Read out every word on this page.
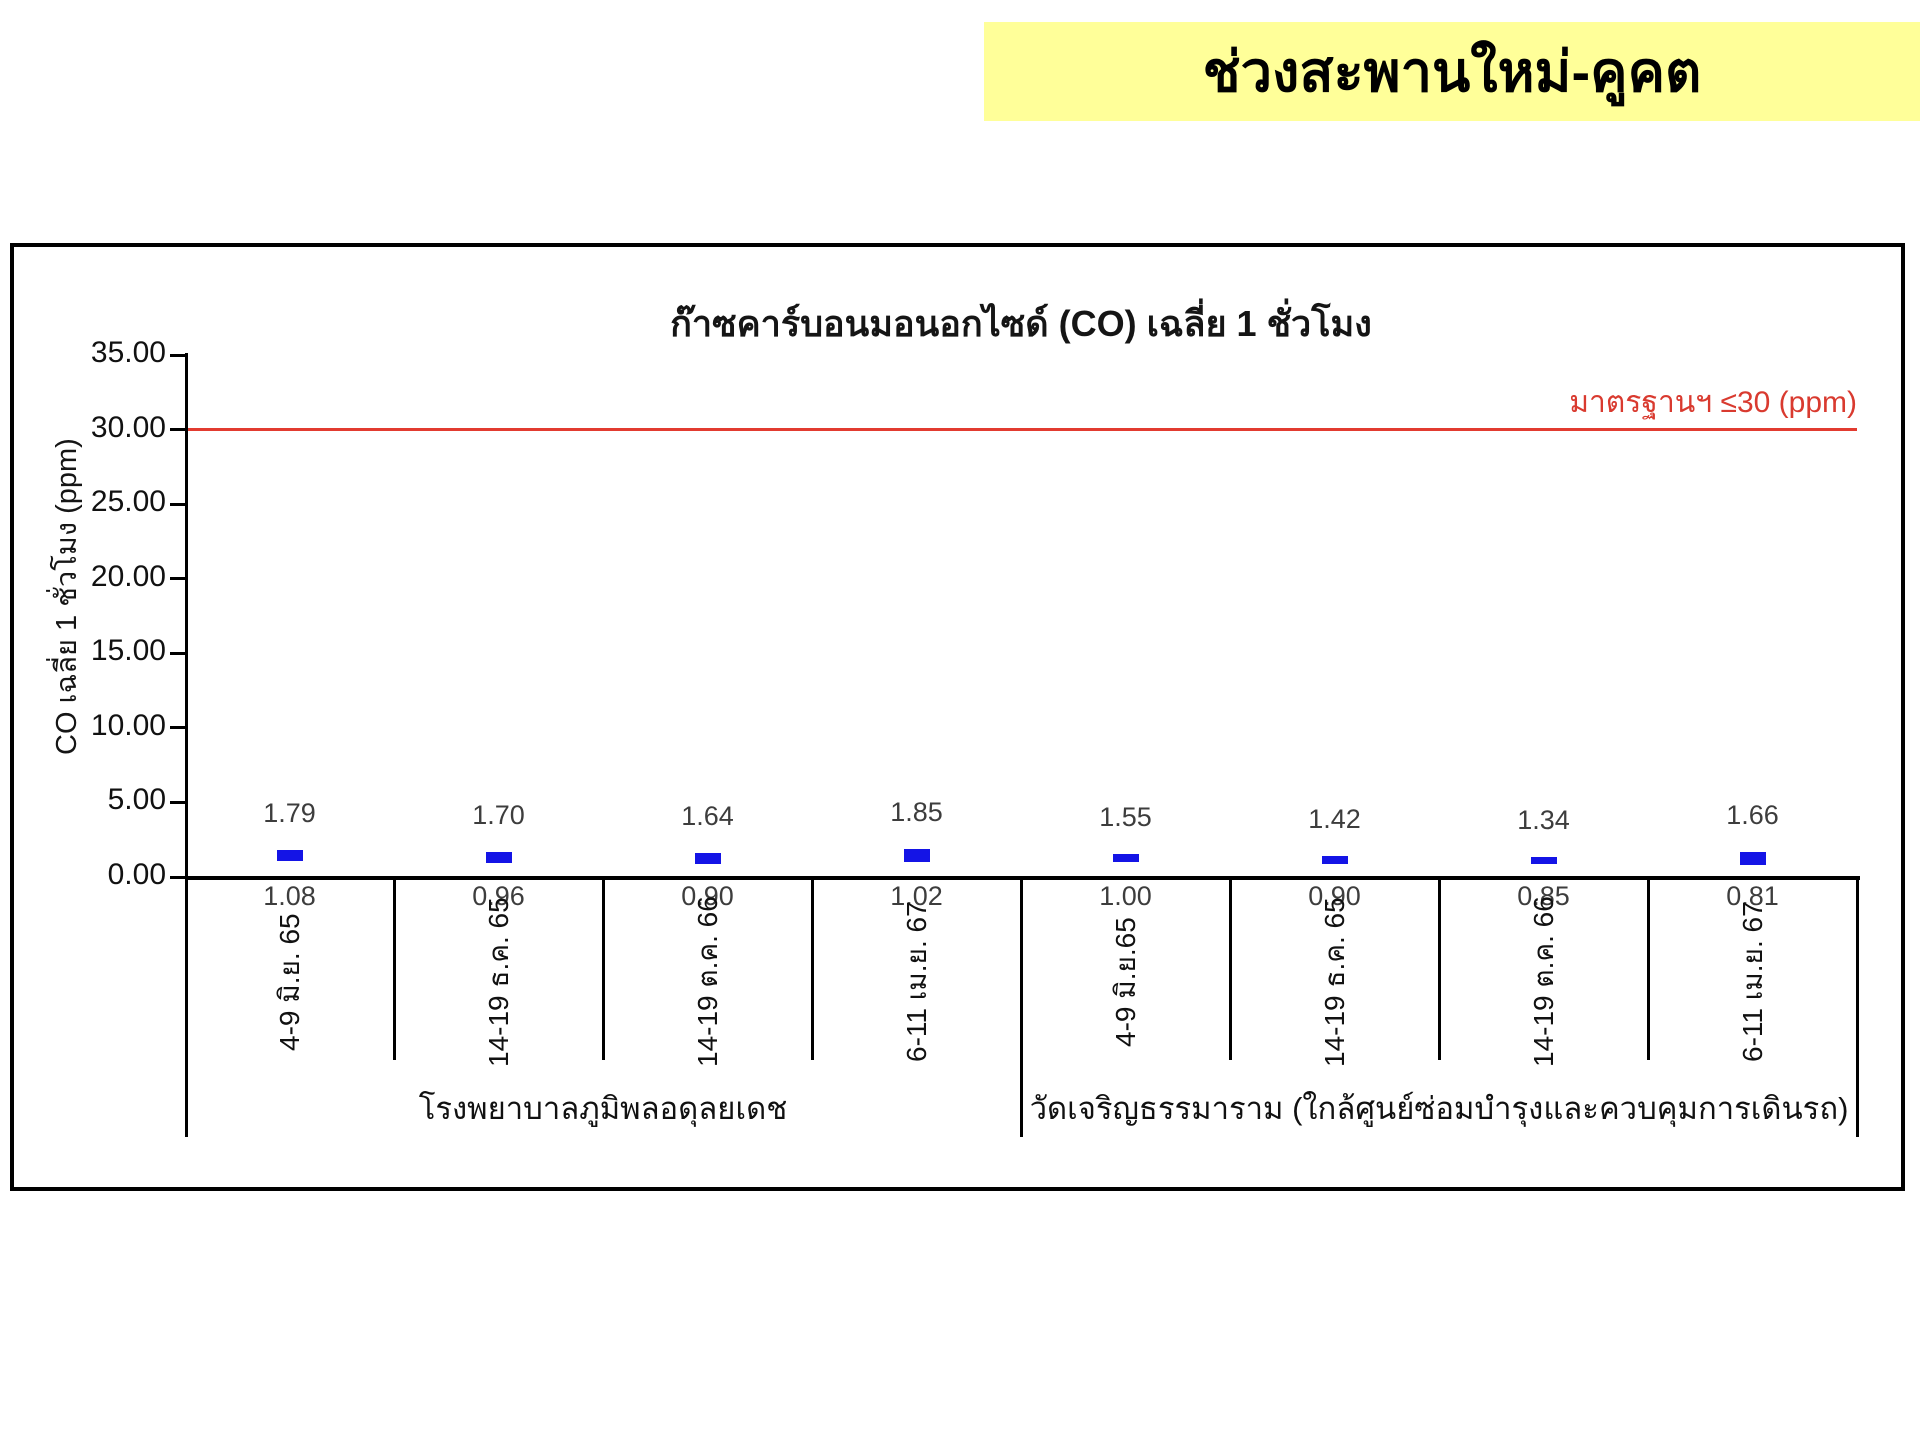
ช่วงสะพานใหม่-คูคต
ก๊าซคาร์บอนมอนอกไซด์ (CO) เฉลี่ย 1 ชั่วโมง
CO เฉลี่ย 1 ชั่วโมง (ppm)
มาตรฐานฯ ≤30 (ppm)
0.00
5.00
10.00
15.00
20.00
25.00
30.00
35.00
1.79
1.08
4-9 มิ.ย. 65
1.70
0.96
14-19 ธ.ค. 65
1.64
0.90
14-19 ต.ค. 66
1.85
1.02
6-11 เม.ย. 67
1.55
1.00
4-9 มิ.ย.65
1.42
0.90
14-19 ธ.ค. 65
1.34
0.85
14-19 ต.ค. 66
1.66
0.81
6-11 เม.ย. 67
โรงพยาบาลภูมิพลอดุลยเดช	วัดเจริญธรรมาราม (ใกล้ศูนย์ซ่อมบำรุงและควบคุมการเดินรถ)
